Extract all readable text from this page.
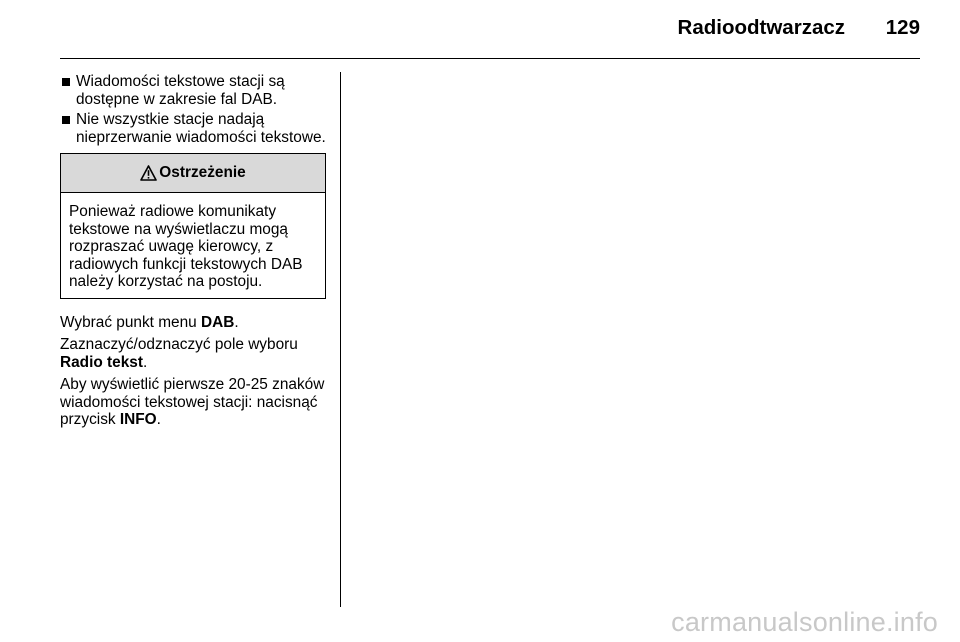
Radioodtwarzacz 129
Wiadomości tekstowe stacji są dostępne w zakresie fal DAB.
Nie wszystkie stacje nadają nieprzerwanie wiadomości tekstowe.
Ostrzeżenie
Ponieważ radiowe komunikaty tekstowe na wyświetlaczu mogą rozpraszać uwagę kierowcy, z radiowych funkcji tekstowych DAB należy korzystać na postoju.

Wybrać punkt menu DAB.

Zaznaczyć/odznaczyć pole wyboru Radio tekst.

Aby wyświetlić pierwsze 20-25 znaków wiadomości tekstowej stacji: nacisnąć przycisk INFO.

carmanualsonline.info
